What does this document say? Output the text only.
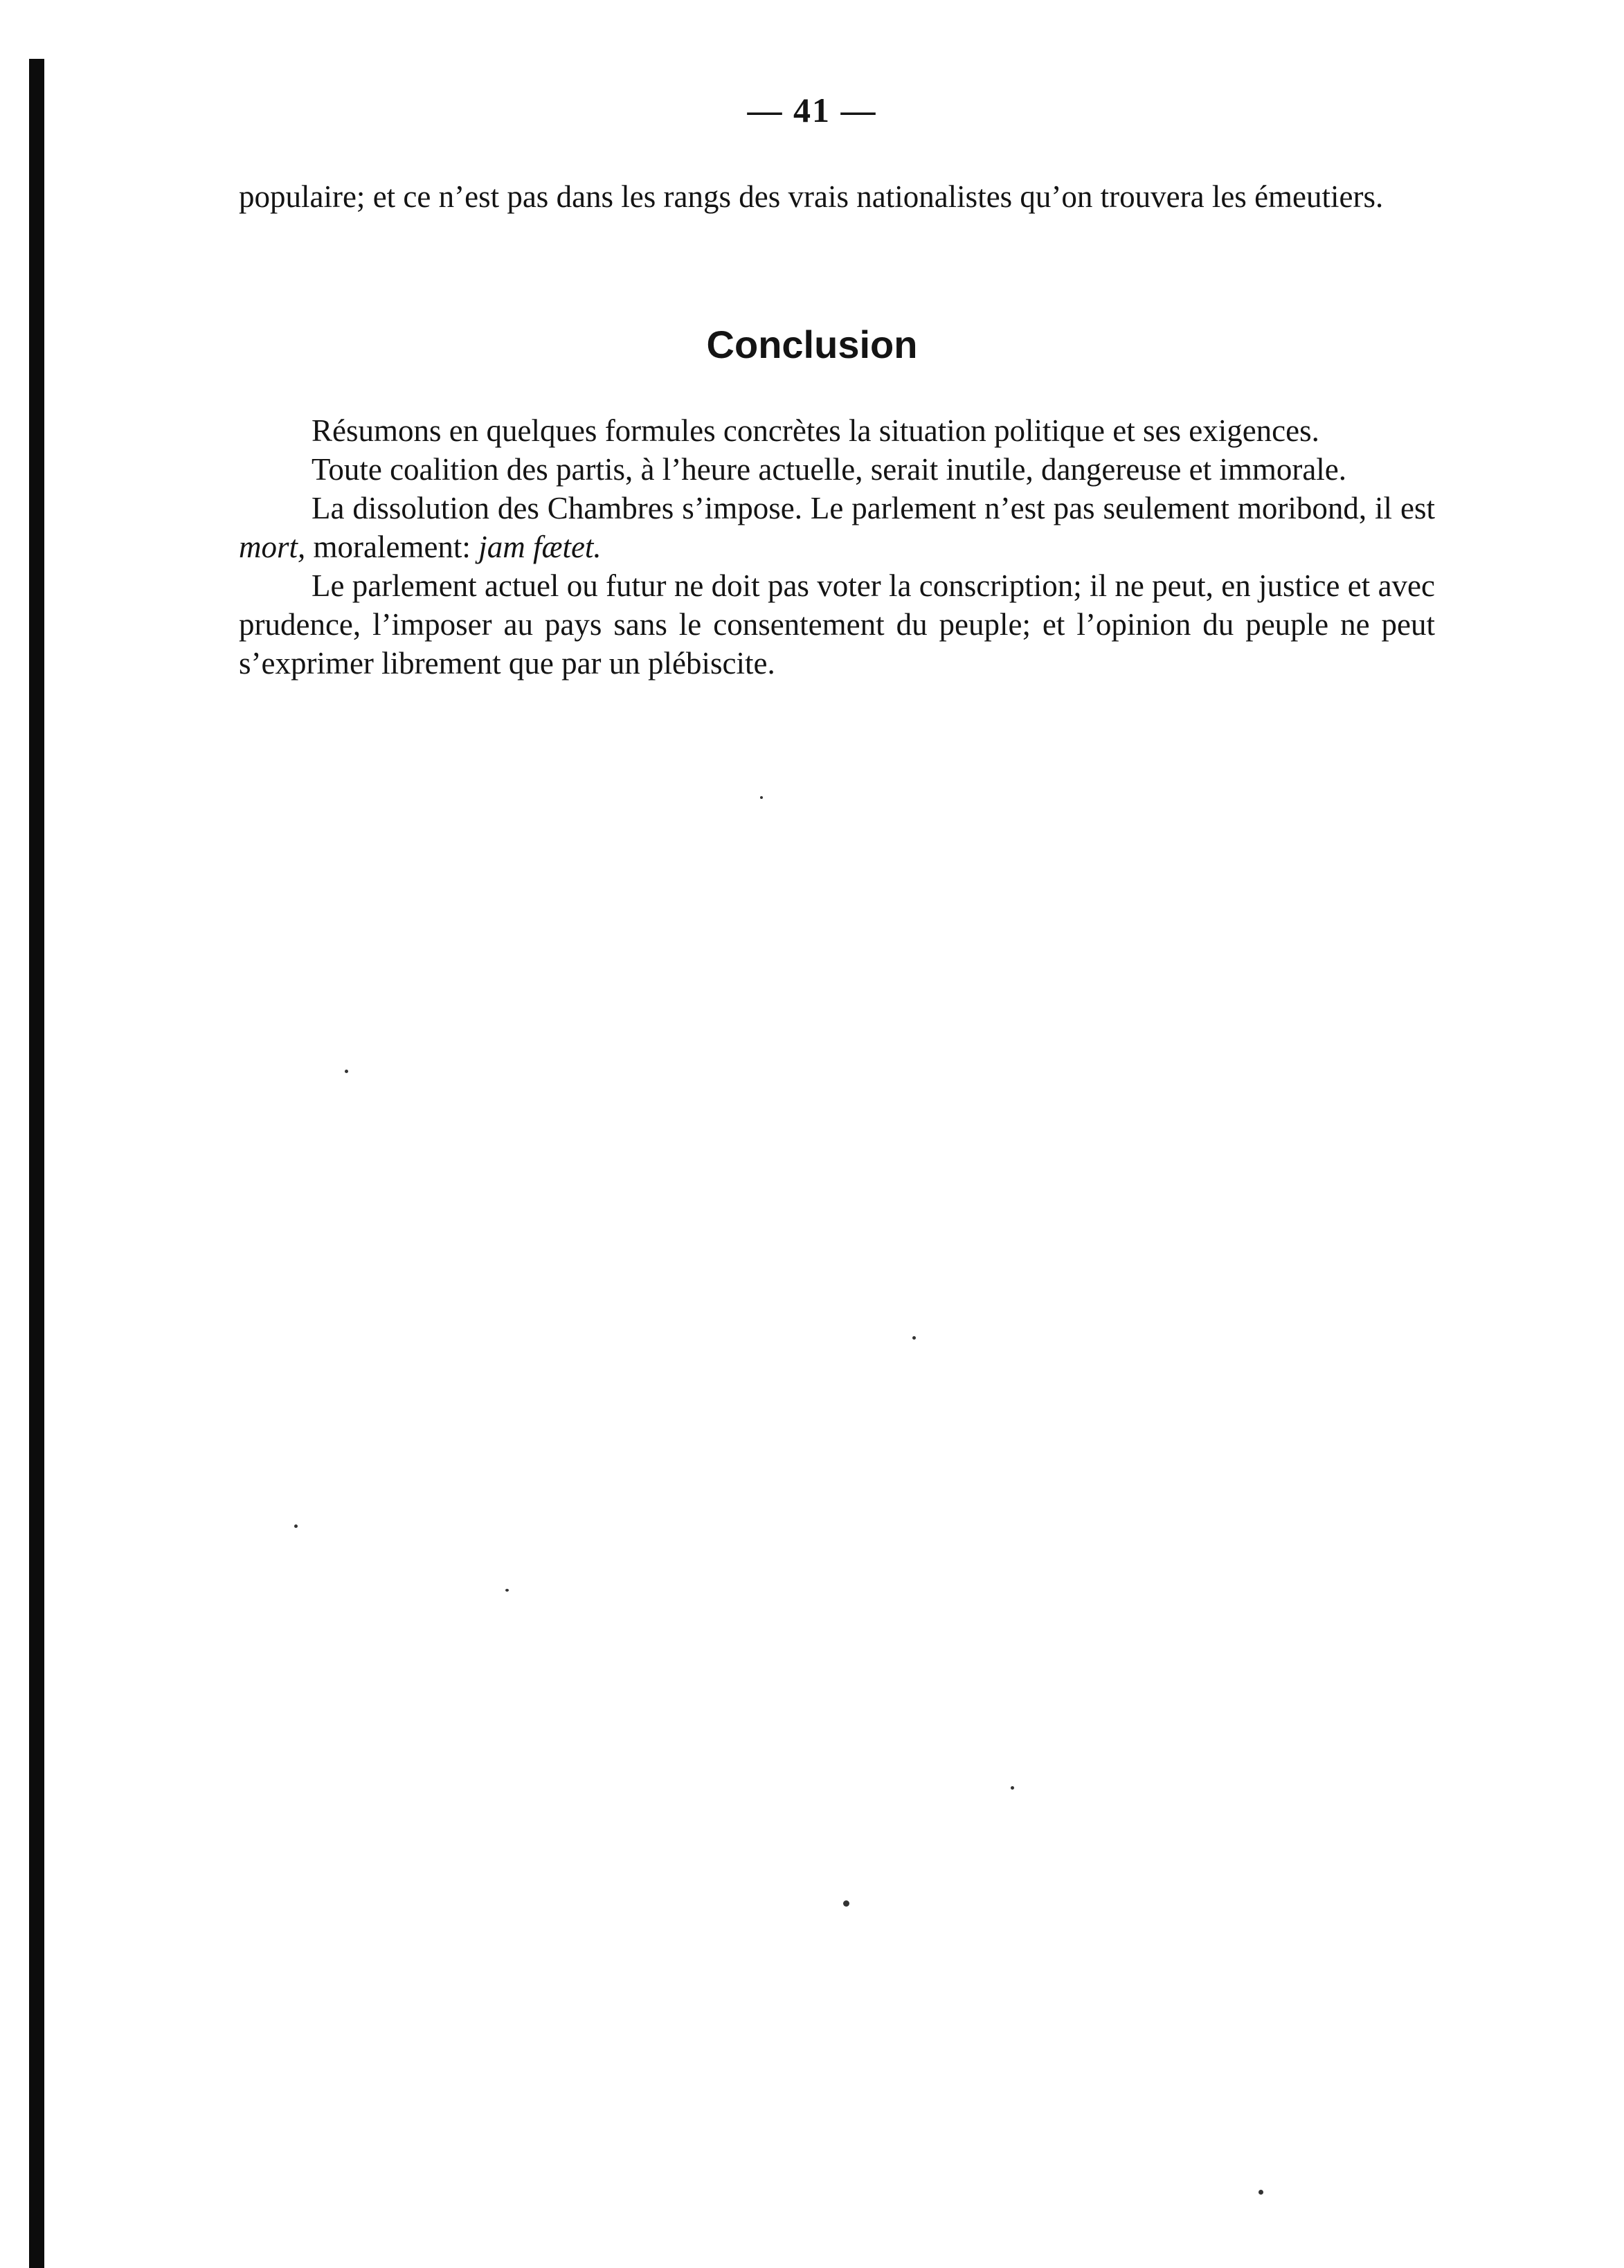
— 41 —

populaire; et ce n’est pas dans les rangs des vrais nationalistes qu’on trouvera les émeutiers.

Conclusion

Résumons en quelques formules concrètes la situation politique et ses exigences.

Toute coalition des partis, à l’heure actuelle, serait inutile, dangereuse et immorale.

La dissolution des Chambres s’impose. Le parlement n’est pas seulement moribond, il est mort, moralement: jam fætet.

Le parlement actuel ou futur ne doit pas voter la conscription; il ne peut, en justice et avec prudence, l’imposer au pays sans le consentement du peuple; et l’opinion du peuple ne peut s’exprimer librement que par un plébiscite.
